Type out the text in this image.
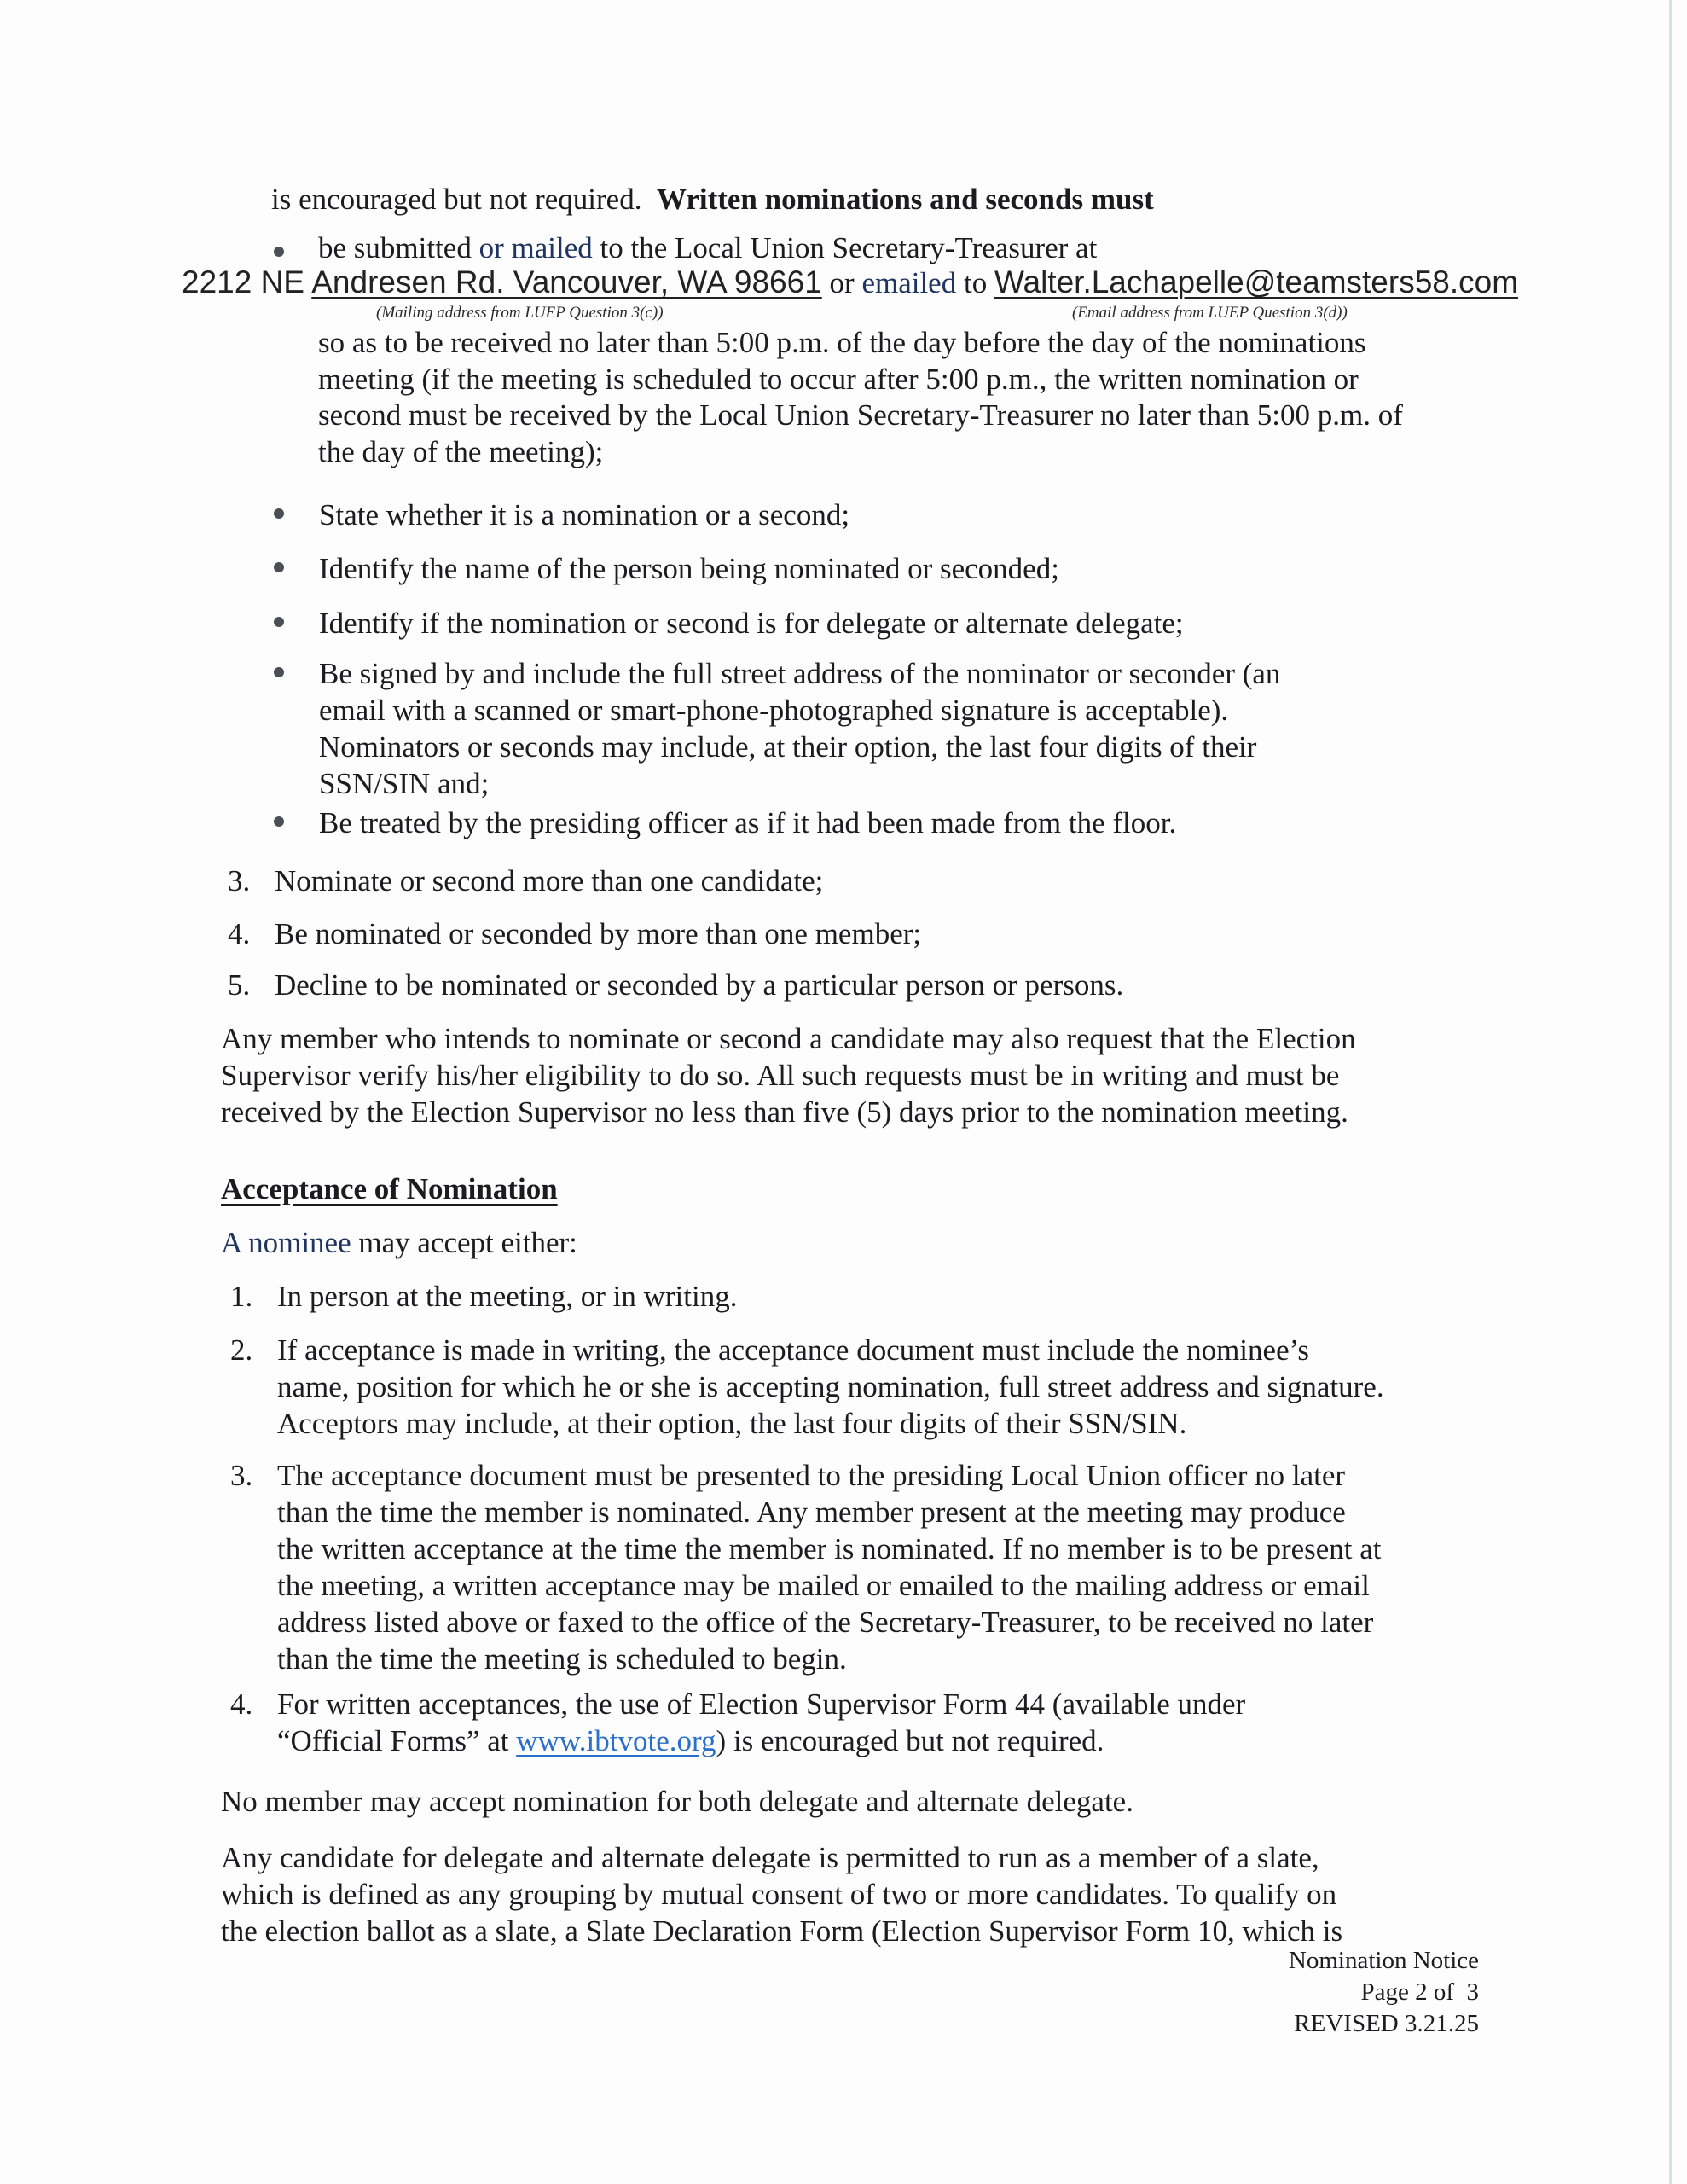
is encouraged but not required.  Written nominations and seconds must
be submitted or mailed to the Local Union Secretary-Treasurer at
2212 NE Andresen Rd. Vancouver, WA 98661 or emailed to Walter.Lachapelle@teamsters58.com
(Mailing address from LUEP Question 3(c))	(Email address from LUEP Question 3(d))
so as to be received no later than 5:00 p.m. of the day before the day of the nominations
meeting (if the meeting is scheduled to occur after 5:00 p.m., the written nomination or
second must be received by the Local Union Secretary-Treasurer no later than 5:00 p.m. of
the day of the meeting);
State whether it is a nomination or a second;
Identify the name of the person being nominated or seconded;
Identify if the nomination or second is for delegate or alternate delegate;
Be signed by and include the full street address of the nominator or seconder (an
email with a scanned or smart-phone-photographed signature is acceptable).
Nominators or seconds may include, at their option, the last four digits of their
SSN/SIN and;
Be treated by the presiding officer as if it had been made from the floor.
3. Nominate or second more than one candidate;
4. Be nominated or seconded by more than one member;
5. Decline to be nominated or seconded by a particular person or persons.
Any member who intends to nominate or second a candidate may also request that the Election
Supervisor verify his/her eligibility to do so. All such requests must be in writing and must be
received by the Election Supervisor no less than five (5) days prior to the nomination meeting.
Acceptance of Nomination
A nominee may accept either:
1. In person at the meeting, or in writing.
2. If acceptance is made in writing, the acceptance document must include the nominee’s
name, position for which he or she is accepting nomination, full street address and signature.
Acceptors may include, at their option, the last four digits of their SSN/SIN.
3. The acceptance document must be presented to the presiding Local Union officer no later
than the time the member is nominated. Any member present at the meeting may produce
the written acceptance at the time the member is nominated. If no member is to be present at
the meeting, a written acceptance may be mailed or emailed to the mailing address or email
address listed above or faxed to the office of the Secretary-Treasurer, to be received no later
than the time the meeting is scheduled to begin.
4. For written acceptances, the use of Election Supervisor Form 44 (available under
“Official Forms” at www.ibtvote.org) is encouraged but not required.
No member may accept nomination for both delegate and alternate delegate.
Any candidate for delegate and alternate delegate is permitted to run as a member of a slate,
which is defined as any grouping by mutual consent of two or more candidates. To qualify on
the election ballot as a slate, a Slate Declaration Form (Election Supervisor Form 10, which is
Nomination Notice
Page 2 of  3
REVISED 3.21.25
